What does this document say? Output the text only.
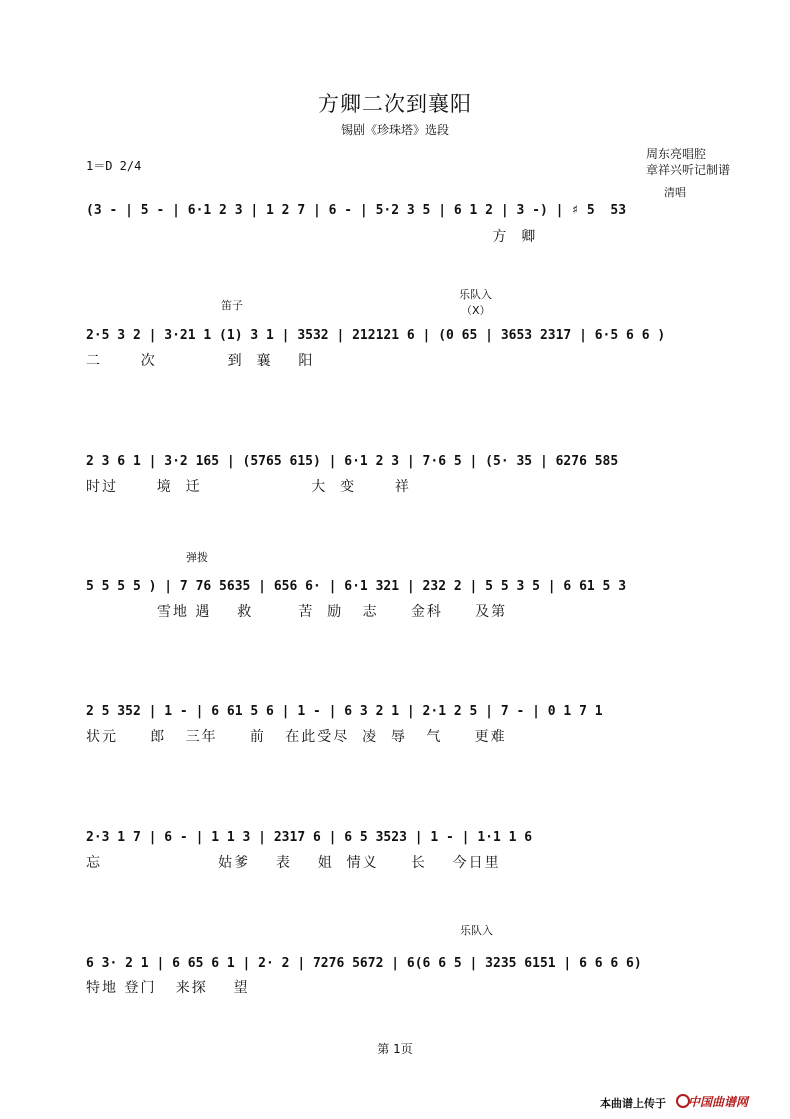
方卿二次到襄阳
锡剧《珍珠塔》选段
1＝D 2/4
周东亮唱腔
章祥兴听记制谱
清唱
笛子
乐队入
（X）
弹拨
乐队入
(3 - | 5 - | 6·1 2 3 | 1 2 7 | 6 - | 5·2 3 5 | 6 1 2 | 3 -) | ♯ 5  53
方  卿
2·5 3 2 | 3·21 1 (1) 3 1 | 3532 | 212121 6 | (0 65 | 3653 2317 | 6·5 6 6 )
二      次           到  襄    阳
2 3 6 1 | 3·2 165 | (5765 615) | 6·1 2 3 | 7·6 5 | (5· 35 | 6276 585
时过      境  迁                 大  变      祥
5 5 5 5 ) | 7 76 5635 | 656 6· | 6·1 321 | 232 2 | 5 5 3 5 | 6 61 5 3
雪地 遇    救       苦  励   志     金科     及第
2 5 352 | 1 - | 6 61 5 6 | 1 - | 6 3 2 1 | 2·1 2 5 | 7 - | 0 1 7 1
状元     郎   三年     前   在此受尽  凌  辱   气     更难
2·3 1 7 | 6 - | 1 1 3 | 2317 6 | 6 5 3523 | 1 - | 1·1 1 6
忘                  姑爹    表    姐  情义     长    今日里
6 3· 2 1 | 6 65 6 1 | 2· 2 | 7276 5672 | 6(6 6 5 | 3235 6151 | 6 6 6 6)
特地 登门   来探    望
第 1页
本曲谱上传于 中国曲谱网
